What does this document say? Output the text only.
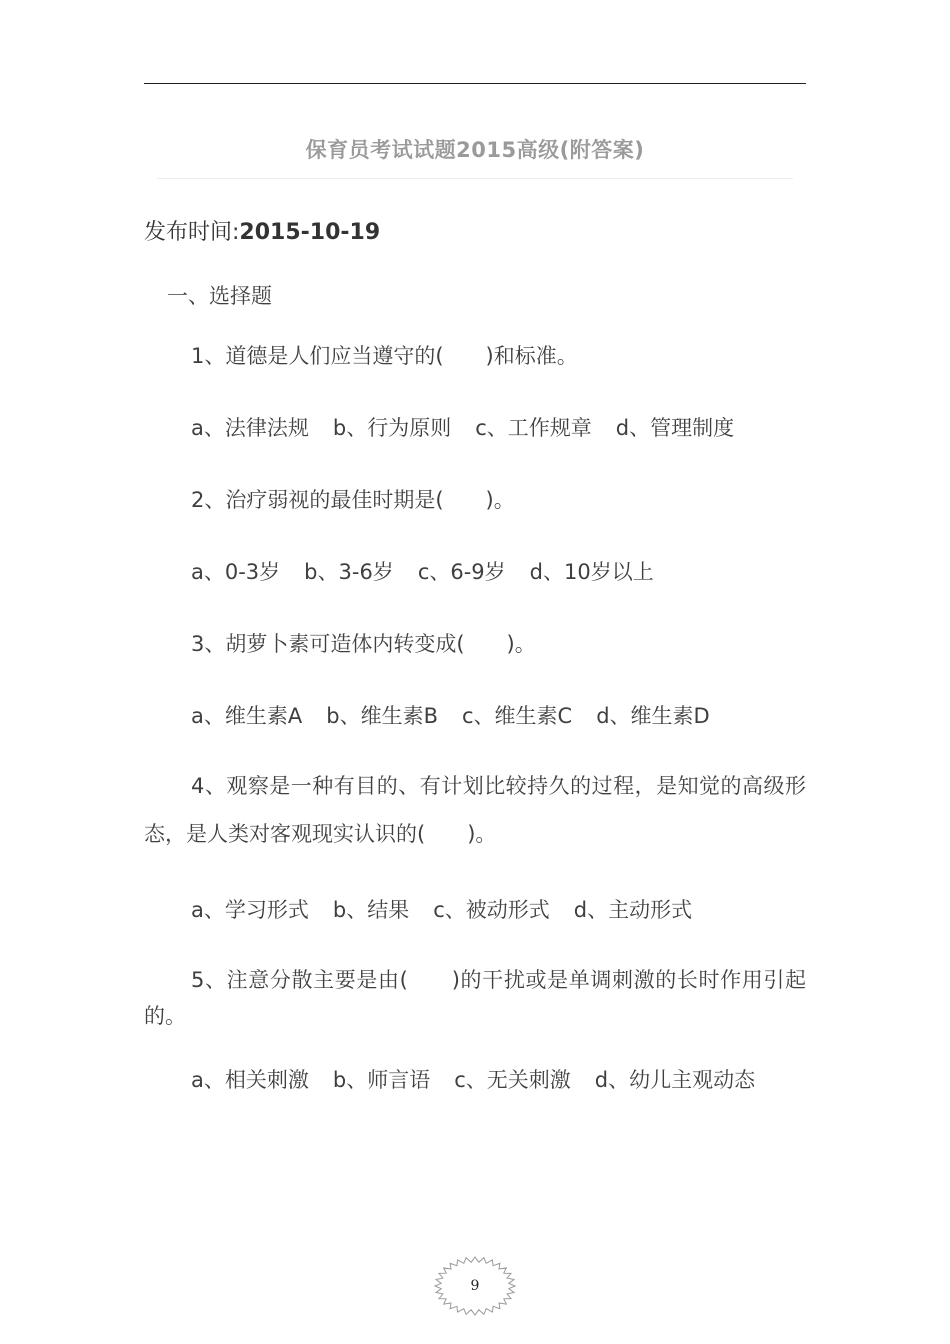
保育员考试试题2015高级(附答案)
发布时间:2015-10-19
一、选择题
1、道德是人们应当遵守的(　　)和标准。
a、法律法规 b、行为原则 c、工作规章 d、管理制度
2、治疗弱视的最佳时期是(　　)。
a、0-3岁 b、3-6岁 c、6-9岁 d、10岁以上
3、胡萝卜素可造体内转变成(　　)。
a、维生素A b、维生素B c、维生素C d、维生素D
4、观察是一种有目的、有计划比较持久的过程，是知觉的高级形态，是人类对客观现实认识的(　　)。
a、学习形式 b、结果 c、被动形式 d、主动形式
5、注意分散主要是由(　　)的干扰或是单调刺激的长时作用引起的。
a、相关刺激 b、师言语 c、无关刺激 d、幼儿主观动态
9
